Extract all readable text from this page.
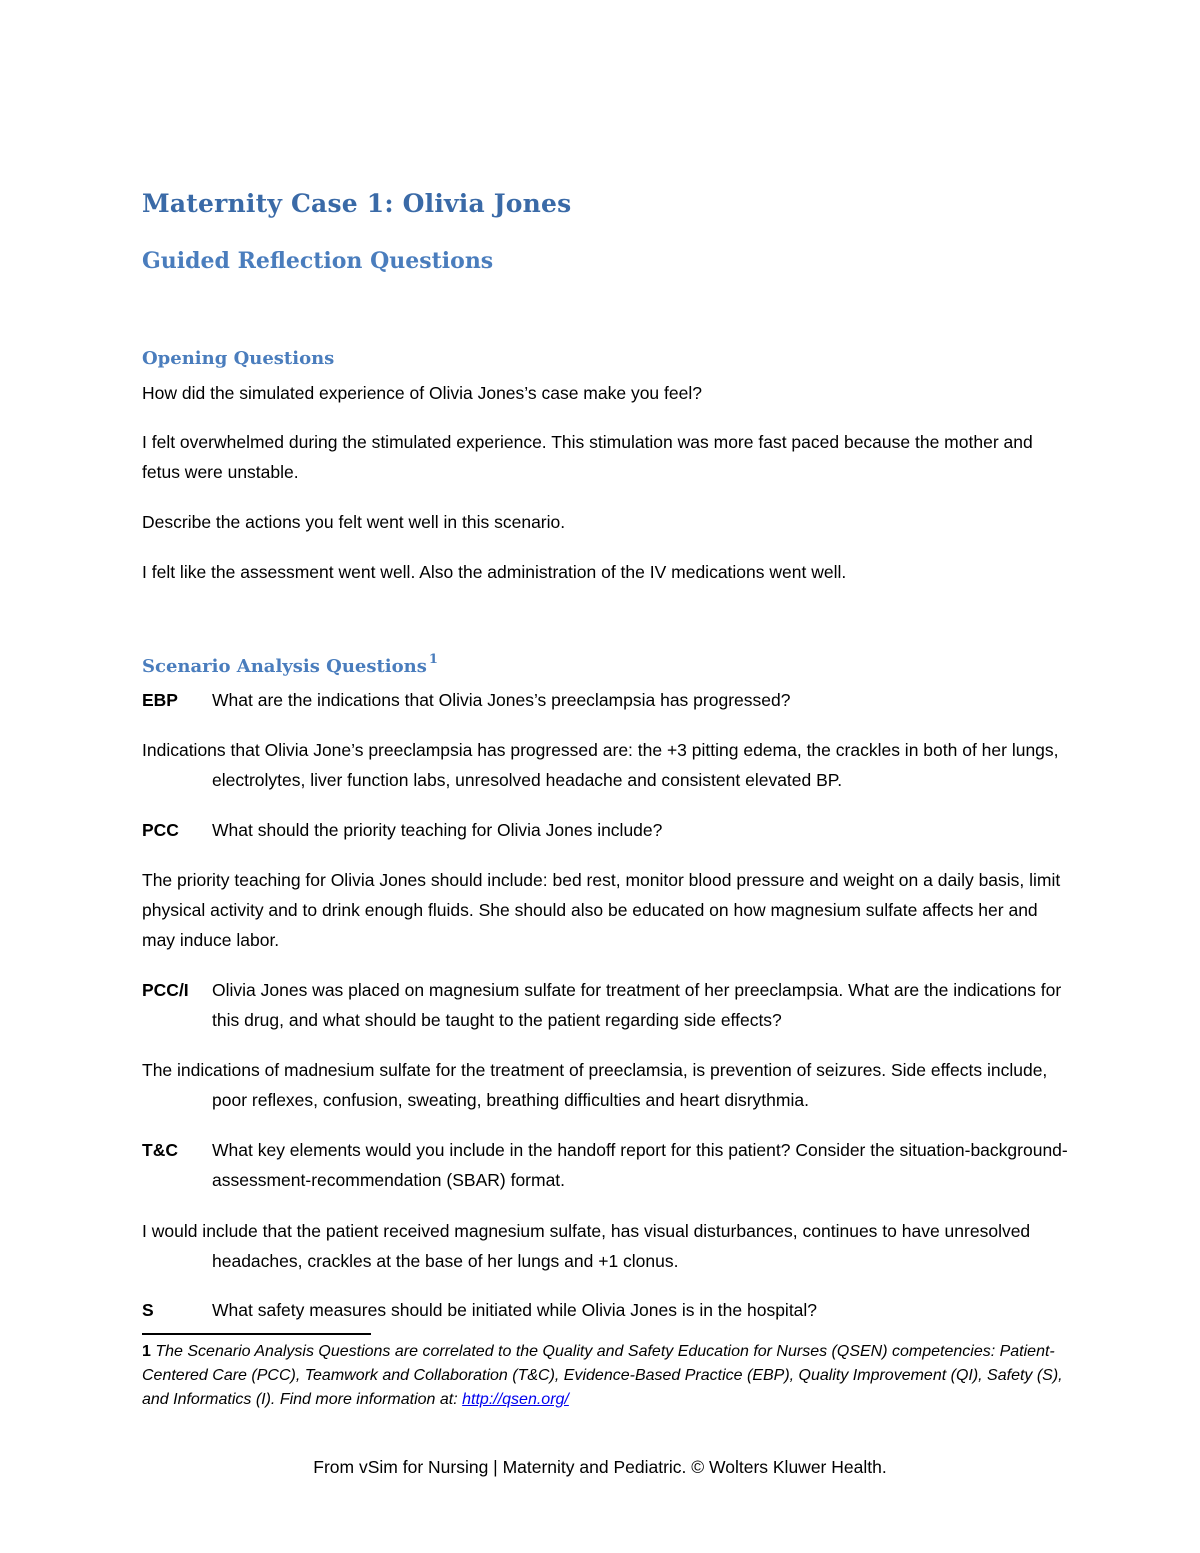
Maternity Case 1: Olivia Jones
Guided Reflection Questions
Opening Questions

How did the simulated experience of Olivia Jones’s case make you feel?

I felt overwhelmed during the stimulated experience. This stimulation was more fast paced because the mother and fetus were unstable.

Describe the actions you felt went well in this scenario.

I felt like the assessment went well. Also the administration of the IV medications went well.

Scenario Analysis Questions $^1$
EBP	What are the indications that Olivia Jones’s preeclampsia has progressed?

Indications that Olivia Jone’s preeclampsia has progressed are: the +3 pitting edema, the crackles in both of her lungs, electrolytes, liver function labs, unresolved headache and consistent elevated BP.

PCC	What should the priority teaching for Olivia Jones include?

The priority teaching for Olivia Jones should include: bed rest, monitor blood pressure and weight on a daily basis, limit physical activity and to drink enough fluids. She should also be educated on how magnesium sulfate affects her and may induce labor.

PCC/I	Olivia Jones was placed on magnesium sulfate for treatment of her preeclampsia. What are the indications for this drug, and what should be taught to the patient regarding side effects?

The indications of madnesium sulfate for the treatment of preeclamsia, is prevention of seizures. Side effects include, poor reflexes, confusion, sweating, breathing difficulties and heart disrythmia.

T&C	What key elements would you include in the handoff report for this patient? Consider the situation-background-assessment-recommendation (SBAR) format.

I would include that the patient received magnesium sulfate, has visual disturbances, continues to have unresolved headaches, crackles at the base of her lungs and +1 clonus.

S	What safety measures should be initiated while Olivia Jones is in the hospital?

1 The Scenario Analysis Questions are correlated to the Quality and Safety Education for Nurses (QSEN) competencies: Patient-Centered Care (PCC), Teamwork and Collaboration (T&C), Evidence-Based Practice (EBP), Quality Improvement (QI), Safety (S), and Informatics (I). Find more information at: http://qsen.org/

From vSim for Nursing | Maternity and Pediatric. © Wolters Kluwer Health.
